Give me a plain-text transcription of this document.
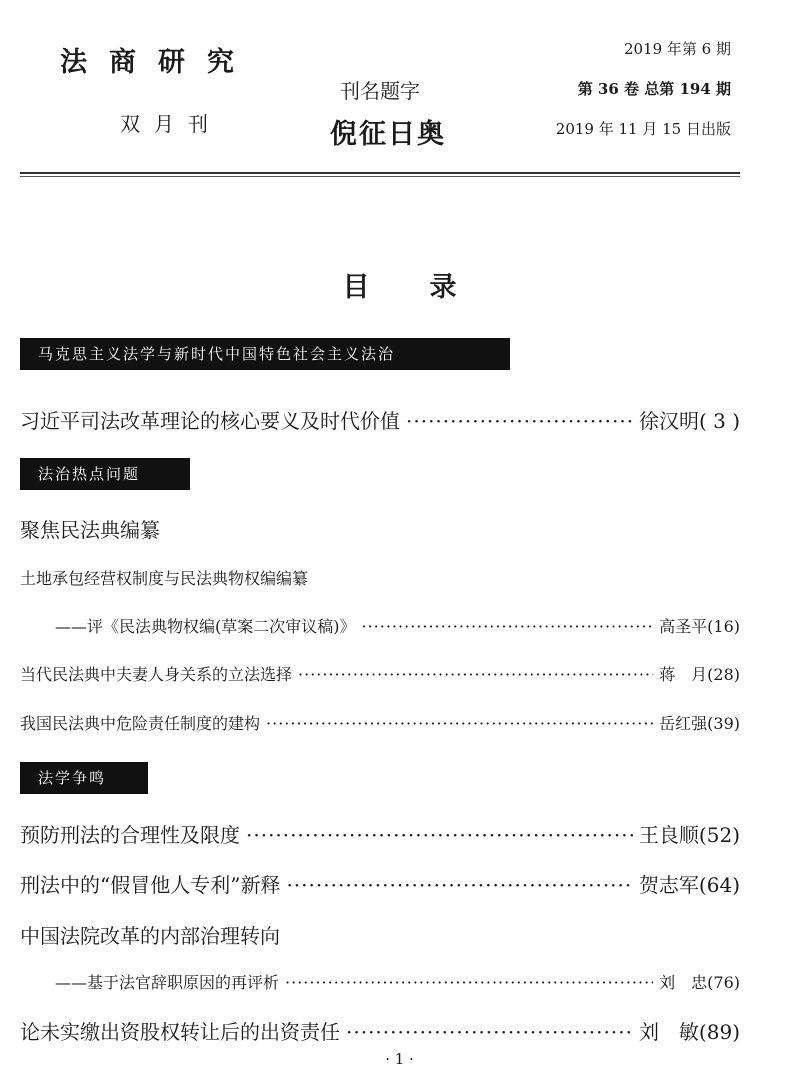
法商研究
双月刊
刊名题字
倪征日奥
2019 年第 6 期
第 36 卷 总第 194 期
2019 年 11 月 15 日出版
目录
马克思主义法学与新时代中国特色社会主义法治
习近平司法改革理论的核心要义及时代价值 ·····	徐汉明( 3 )
法治热点问题
聚焦民法典编纂
土地承包经营权制度与民法典物权编编纂
——评《民法典物权编(草案二次审议稿)》 ·····	高圣平(16)
当代民法典中夫妻人身关系的立法选择 ·····	蒋　月(28)
我国民法典中危险责任制度的建构 ·····	岳红强(39)
法学争鸣
预防刑法的合理性及限度 ·····	王良顺(52)
刑法中的“假冒他人专利”新释 ·····	贺志军(64)
中国法院改革的内部治理转向
——基于法官辞职原因的再评析 ·····	刘　忠(76)
论未实缴出资股权转让后的出资责任 ·····	刘　敏(89)
· 1 ·
